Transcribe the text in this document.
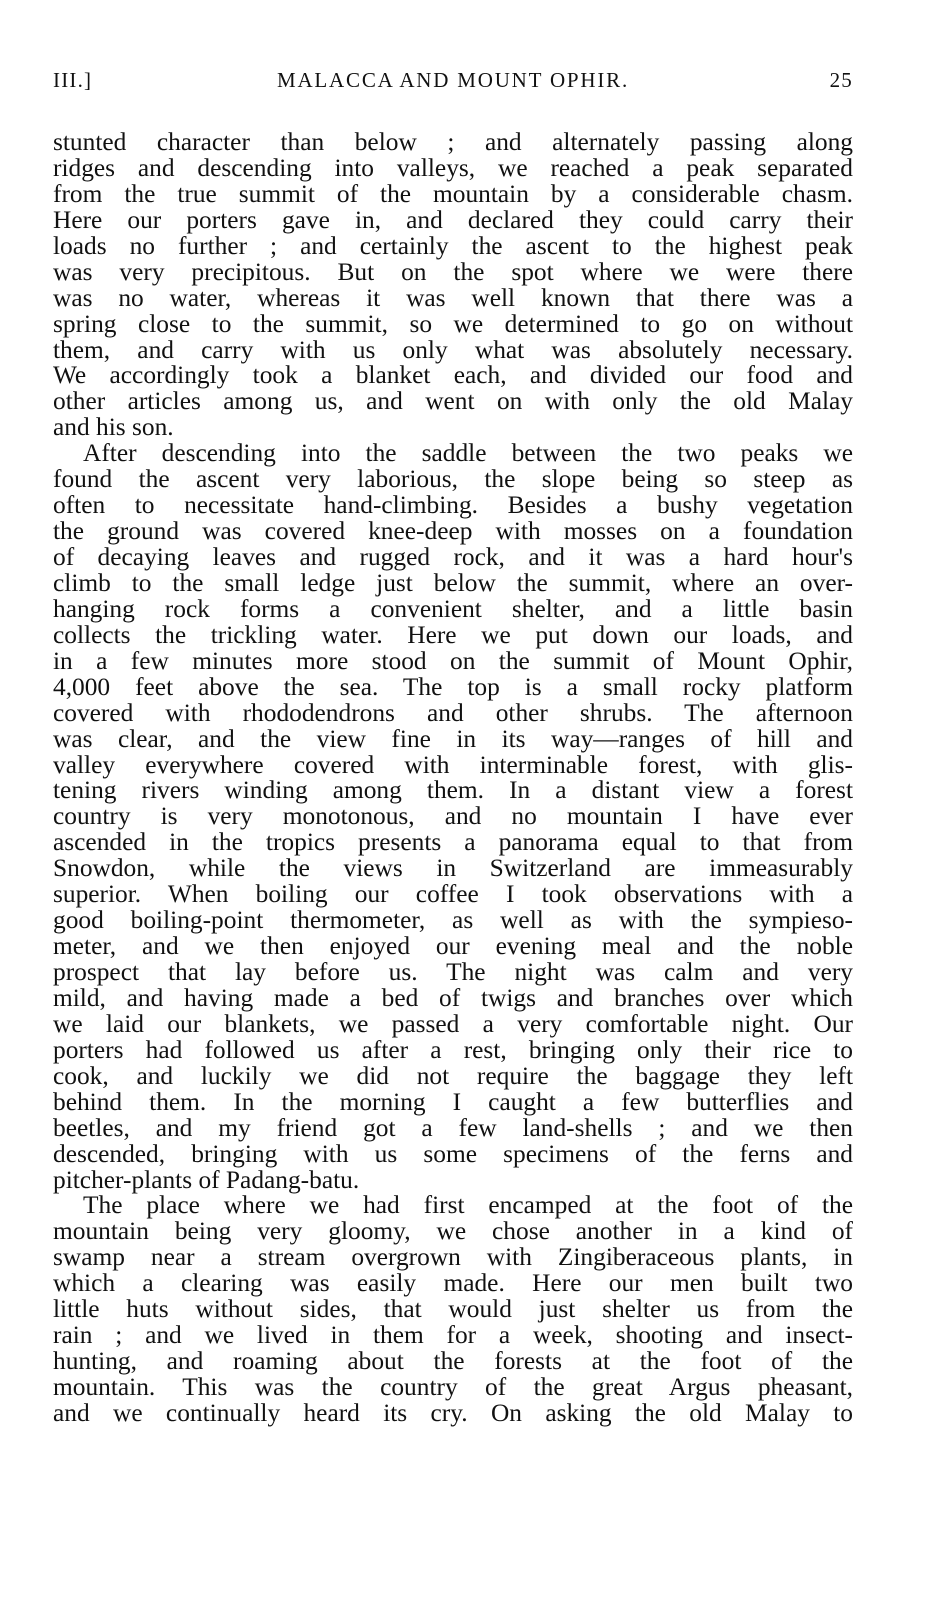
III.]	MALACCA AND MOUNT OPHIR.	25
stunted character than below ; and alternately passing along
ridges and descending into valleys, we reached a peak separated
from the true summit of the mountain by a considerable chasm.
Here our porters gave in, and declared they could carry their
loads no further ; and certainly the ascent to the highest peak
was very precipitous. But on the spot where we were there
was no water, whereas it was well known that there was a
spring close to the summit, so we determined to go on without
them, and carry with us only what was absolutely necessary.
We accordingly took a blanket each, and divided our food and
other articles among us, and went on with only the old Malay
and his son.
After descending into the saddle between the two peaks we
found the ascent very laborious, the slope being so steep as
often to necessitate hand-climbing. Besides a bushy vegetation
the ground was covered knee-deep with mosses on a foundation
of decaying leaves and rugged rock, and it was a hard hour's
climb to the small ledge just below the summit, where an over-
hanging rock forms a convenient shelter, and a little basin
collects the trickling water. Here we put down our loads, and
in a few minutes more stood on the summit of Mount Ophir,
4,000 feet above the sea. The top is a small rocky platform
covered with rhododendrons and other shrubs. The afternoon
was clear, and the view fine in its way—ranges of hill and
valley everywhere covered with interminable forest, with glis-
tening rivers winding among them. In a distant view a forest
country is very monotonous, and no mountain I have ever
ascended in the tropics presents a panorama equal to that from
Snowdon, while the views in Switzerland are immeasurably
superior. When boiling our coffee I took observations with a
good boiling-point thermometer, as well as with the sympieso-
meter, and we then enjoyed our evening meal and the noble
prospect that lay before us. The night was calm and very
mild, and having made a bed of twigs and branches over which
we laid our blankets, we passed a very comfortable night. Our
porters had followed us after a rest, bringing only their rice to
cook, and luckily we did not require the baggage they left
behind them. In the morning I caught a few butterflies and
beetles, and my friend got a few land-shells ; and we then
descended, bringing with us some specimens of the ferns and
pitcher-plants of Padang-batu.
The place where we had first encamped at the foot of the
mountain being very gloomy, we chose another in a kind of
swamp near a stream overgrown with Zingiberaceous plants, in
which a clearing was easily made. Here our men built two
little huts without sides, that would just shelter us from the
rain ; and we lived in them for a week, shooting and insect-
hunting, and roaming about the forests at the foot of the
mountain. This was the country of the great Argus pheasant,
and we continually heard its cry. On asking the old Malay to
